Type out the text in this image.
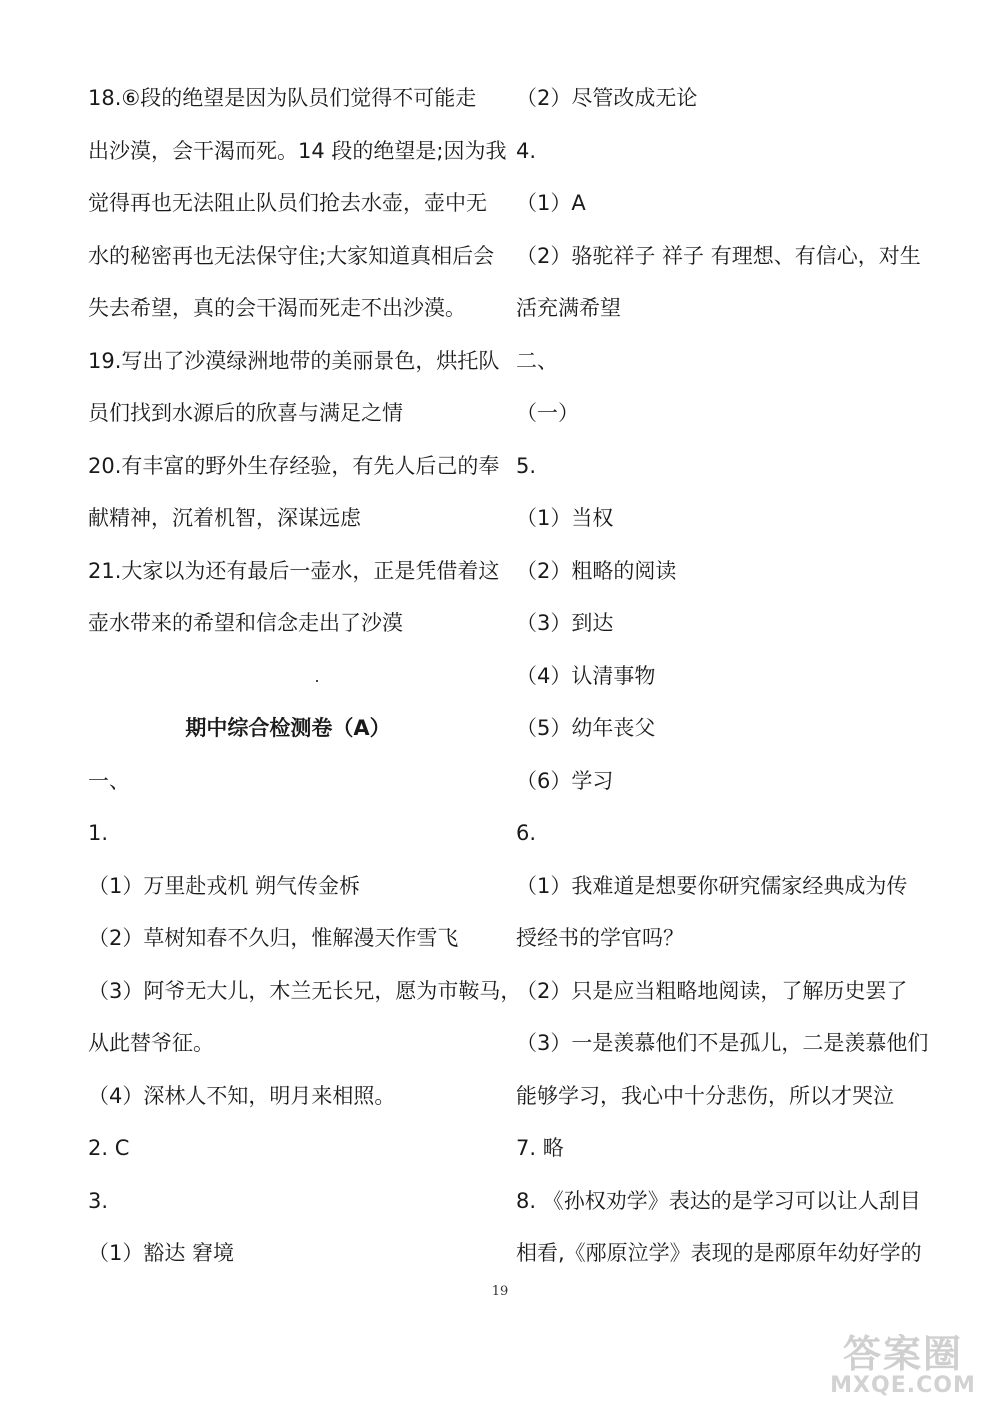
18.⑥段的绝望是因为队员们觉得不可能走
出沙漠，会干渴而死。14 段的绝望是;因为我
觉得再也无法阻止队员们抢去水壶，壶中无
水的秘密再也无法保守住;大家知道真相后会
失去希望，真的会干渴而死走不出沙漠。
19.写出了沙漠绿洲地带的美丽景色，烘托队
员们找到水源后的欣喜与满足之情
20.有丰富的野外生存经验，有先人后己的奉
献精神，沉着机智，深谋远虑
21.大家以为还有最后一壶水，正是凭借着这
壶水带来的希望和信念走出了沙漠
期中综合检测卷（A）
一、
1.
（1）万里赴戎机 朔气传金柝
（2）草树知春不久归，惟解漫天作雪飞
（3）阿爷无大儿，木兰无长兄，愿为市鞍马，
从此替爷征。
（4）深林人不知，明月来相照。
2. C
3.
（1）豁达 窘境
（2）尽管改成无论
4.
（1）A
（2）骆驼祥子 祥子 有理想、有信心，对生
活充满希望
二、
（一）
5.
（1）当权
（2）粗略的阅读
（3）到达
（4）认清事物
（5）幼年丧父
（6）学习
6.
（1）我难道是想要你研究儒家经典成为传
授经书的学官吗？
（2）只是应当粗略地阅读，了解历史罢了
（3）一是羡慕他们不是孤儿，二是羡慕他们
能够学习，我心中十分悲伤，所以才哭泣
7. 略
8. 《孙权劝学》表达的是学习可以让人刮目
相看,《邴原泣学》表现的是邴原年幼好学的
19
答案圈
MXQE.COM
